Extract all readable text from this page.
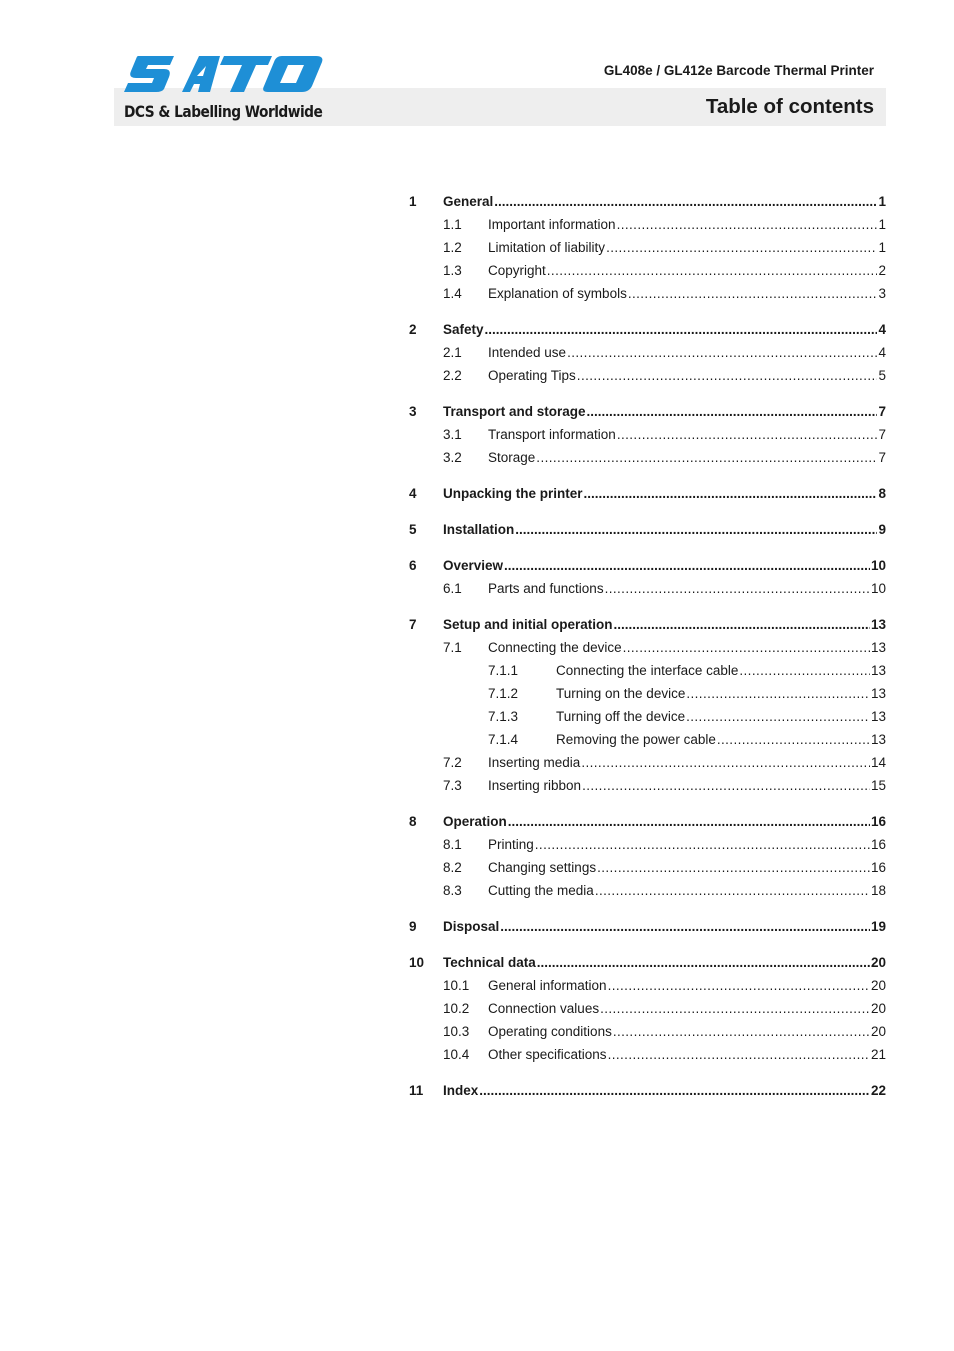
DCS & Labelling Worldwide
GL408e / GL412e Barcode Thermal Printer
Table of contents
1 General .....	1
1.1 Important information .....	1
1.2 Limitation of liability .....	1
1.3 Copyright .....	2
1.4 Explanation of symbols .....	3
2 Safety .....	4
2.1 Intended use .....	4
2.2 Operating Tips .....	5
3 Transport and storage .....	7
3.1 Transport information .....	7
3.2 Storage .....	7
4 Unpacking the printer .....	8
5 Installation .....	9
6 Overview .....	10
6.1 Parts and functions .....	10
7 Setup and initial operation .....	13
7.1 Connecting the device .....	13
7.1.1	Connecting the interface cable .....	13
7.1.2	Turning on the device .....	13
7.1.3	Turning off the device .....	13
7.1.4	Removing the power cable .....	13
7.2 Inserting media .....	14
7.3 Inserting ribbon .....	15
8 Operation .....	16
8.1 Printing .....	16
8.2 Changing settings .....	16
8.3 Cutting the media .....	18
9 Disposal .....	19
10 Technical data .....	20
10.1 General information .....	20
10.2 Connection values .....	20
10.3 Operating conditions .....	20
10.4 Other specifications .....	21
11 Index .....	22
